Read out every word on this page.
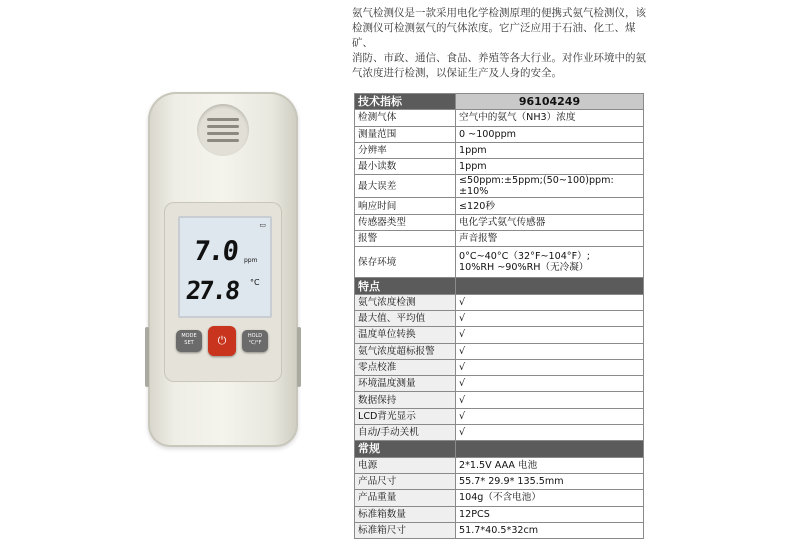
氨气检测仪是一款采用电化学检测原理的便携式氨气检测仪，该

检测仪可检测氨气的气体浓度。它广泛应用于石油、化工、煤矿、

消防、市政、通信、食品、养殖等各大行业。对作业环境中的氨

气浓度进行检测，以保证生产及人身的安全。

▭
7.0 ppm
27.8 °C
MODE
SET	⏻	HOLD
°C/°F
技术指标	96104249
检测气体	空气中的氨气（NH3）浓度
测量范围	0 ~100ppm
分辨率	1ppm
最小读数	1ppm
最大误差	≤50ppm:±5ppm;(50~100)ppm:±10%
响应时间	≤120秒
传感器类型	电化学式氨气传感器
报警	声音报警
保存环境	0°C~40°C（32°F~104°F）;
10%RH ~90%RH（无冷凝）

特点	
氨气浓度检测	√
最大值、平均值	√
温度单位转换	√
氨气浓度超标报警	√
零点校准	√
环境温度测量	√
数据保持	√
LCD背光显示	√
自动/手动关机	√
常规	
电源	2*1.5V AAA 电池
产品尺寸	55.7* 29.9* 135.5mm
产品重量	104g（不含电池）
标准箱数量	12PCS
标准箱尺寸	51.7*40.5*32cm
